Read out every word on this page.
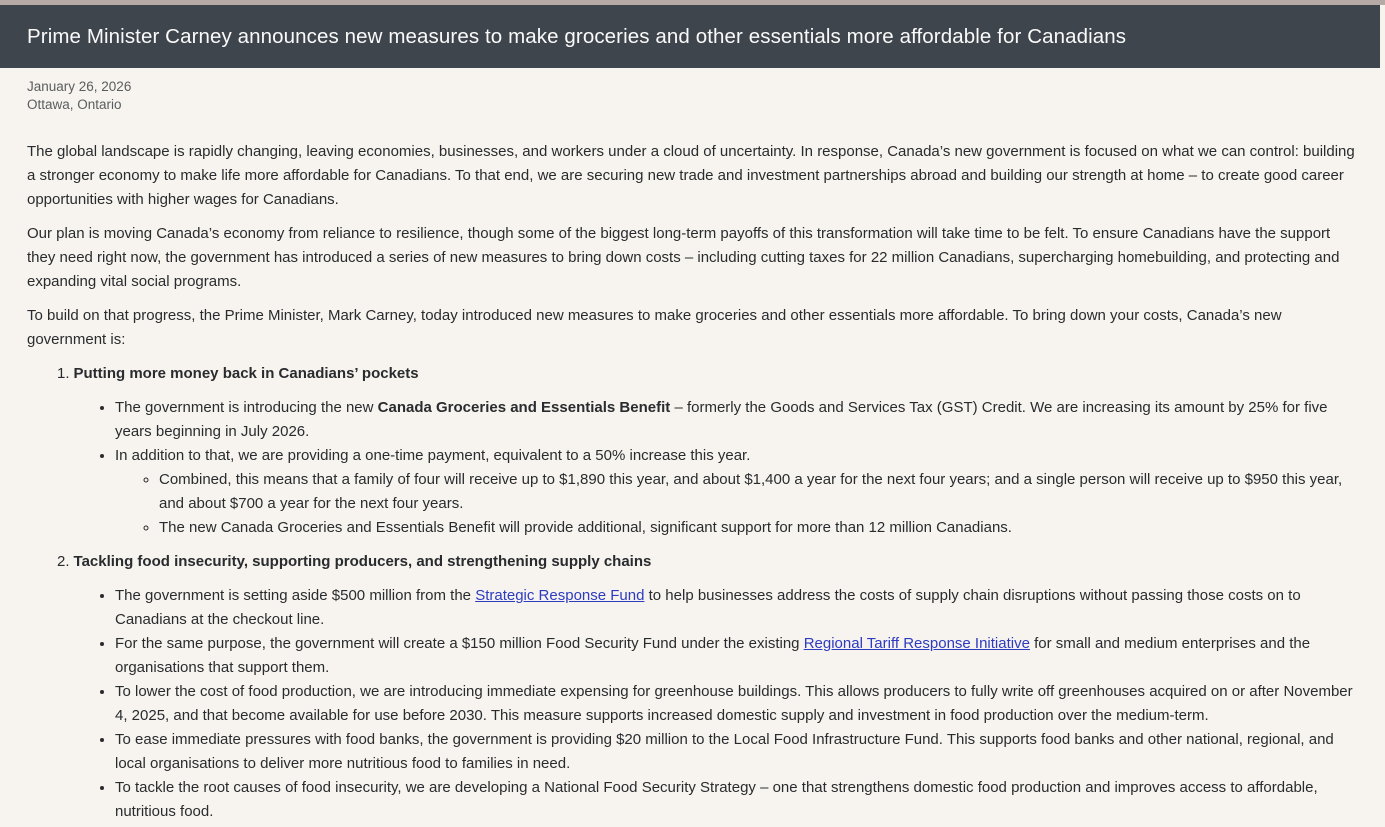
Prime Minister Carney announces new measures to make groceries and other essentials more affordable for Canadians
January 26, 2026
Ottawa, Ontario

The global landscape is rapidly changing, leaving economies, businesses, and workers under a cloud of uncertainty. In response, Canada’s new government is focused on what we can control: building a stronger economy to make life more affordable for Canadians. To that end, we are securing new trade and investment partnerships abroad and building our strength at home – to create good career opportunities with higher wages for Canadians.

Our plan is moving Canada’s economy from reliance to resilience, though some of the biggest long-term payoffs of this transformation will take time to be felt. To ensure Canadians have the support they need right now, the government has introduced a series of new measures to bring down costs – including cutting taxes for 22 million Canadians, supercharging homebuilding, and protecting and expanding vital social programs.

To build on that progress, the Prime Minister, Mark Carney, today introduced new measures to make groceries and other essentials more affordable. To bring down your costs, Canada’s new government is:

1. Putting more money back in Canadians’ pockets
• The government is introducing the new Canada Groceries and Essentials Benefit – formerly the Goods and Services Tax (GST) Credit. We are increasing its amount by 25% for five years beginning in July 2026.
• In addition to that, we are providing a one-time payment, equivalent to a 50% increase this year.
◦ Combined, this means that a family of four will receive up to $1,890 this year, and about $1,400 a year for the next four years; and a single person will receive up to $950 this year, and about $700 a year for the next four years.
◦ The new Canada Groceries and Essentials Benefit will provide additional, significant support for more than 12 million Canadians.
2. Tackling food insecurity, supporting producers, and strengthening supply chains
• The government is setting aside $500 million from the Strategic Response Fund to help businesses address the costs of supply chain disruptions without passing those costs on to Canadians at the checkout line.
• For the same purpose, the government will create a $150 million Food Security Fund under the existing Regional Tariff Response Initiative for small and medium enterprises and the organisations that support them.
• To lower the cost of food production, we are introducing immediate expensing for greenhouse buildings. This allows producers to fully write off greenhouses acquired on or after November 4, 2025, and that become available for use before 2030. This measure supports increased domestic supply and investment in food production over the medium-term.
• To ease immediate pressures with food banks, the government is providing $20 million to the Local Food Infrastructure Fund. This supports food banks and other national, regional, and local organisations to deliver more nutritious food to families in need.
• To tackle the root causes of food insecurity, we are developing a National Food Security Strategy – one that strengthens domestic food production and improves access to affordable, nutritious food.
